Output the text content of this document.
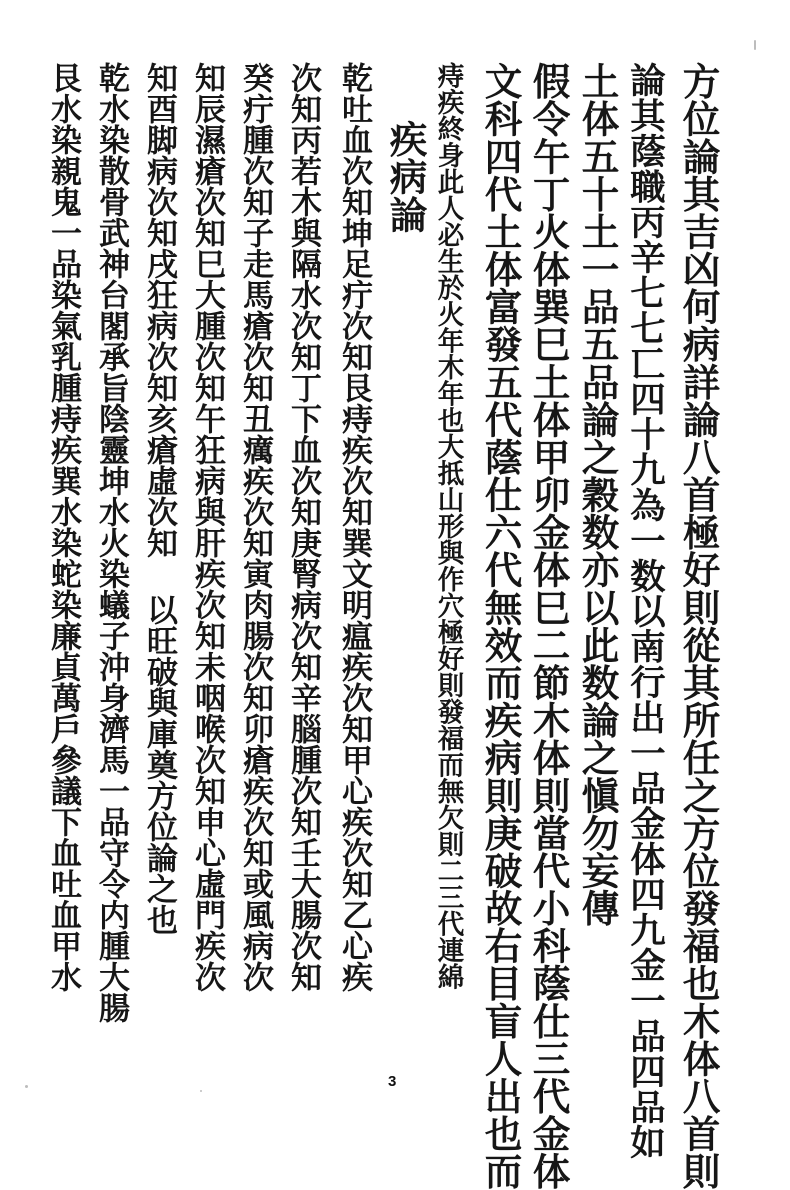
方位論其吉凶何病詳論八首極好則從其所任之方位發福也木体八首則
論其蔭職丙辛七七匸四十九為一数以南行出一品金体四九金一品四品如
土体五十土一品五品論之穀数亦以此数論之愼勿妄傳
假令午丁火体巽巳土体甲卯金体巳二節木体則當代小科蔭仕三代金体
文科四代土体富發五代蔭仕六代無效而疾病則庚破故右目盲人出也而
痔疾終身此人必生於火年木年也大抵山形與作穴極好則發福而無欠則二三代連綿
疾病論
乾吐血次知坤足疔次知艮痔疾次知巽文明瘟疾次知甲心疾次知乙心疾
次知丙若木與隔水次知丁下血次知庚腎病次知辛腦腫次知壬大腸次知
癸疔腫次知子走馬瘡次知丑癘疾次知寅肉腸次知卯瘡疾次知或風病次
知辰濕瘡次知巳大腫次知午狂病與肝疾次知未咽喉次知申心虛門疾次
知酉脚病次知戌狂病次知亥瘡虛次知 以旺破與庫奠方位論之也
乾水染散骨武神台閣承旨陰靈坤水火染蟻子沖身濟馬一品守令内腫大腸
艮水染親鬼一品染氣乳腫痔疾巽水染蛇染廉貞萬戶參議下血吐血甲水
3
